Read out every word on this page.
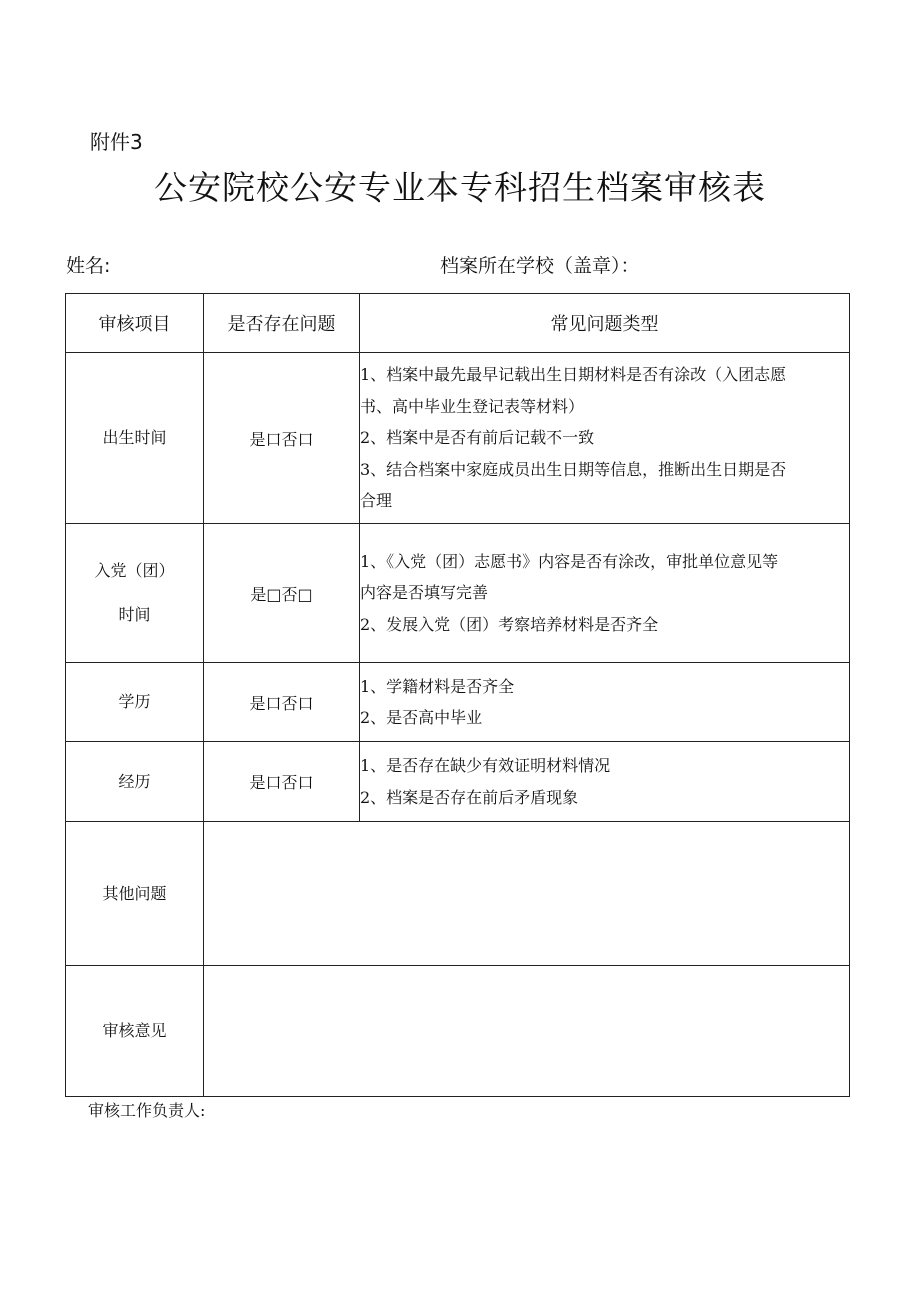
附件3
公安院校公安专业本专科招生档案审核表
姓名:	档案所在学校（盖章）：
审核项目	是否存在问题	常见问题类型
出生时间	是口否口	1、档案中最先最早记载出生日期材料是否有涂改（入团志愿
书、高中毕业生登记表等材料）
2、档案中是否有前后记载不一致
3、结合档案中家庭成员出生日期等信息，推断出生日期是否
合理

入党（团）
时间	是□否□	1、《入党（团）志愿书》内容是否有涂改，审批单位意见等
内容是否填写完善
2、发展入党（团）考察培养材料是否齐全

学历	是口否口	1、学籍材料是否齐全
2、是否高中毕业

经历	是口否口	1、是否存在缺少有效证明材料情况
2、档案是否存在前后矛盾现象

其他问题		
审核意见		
审核工作负责人:
